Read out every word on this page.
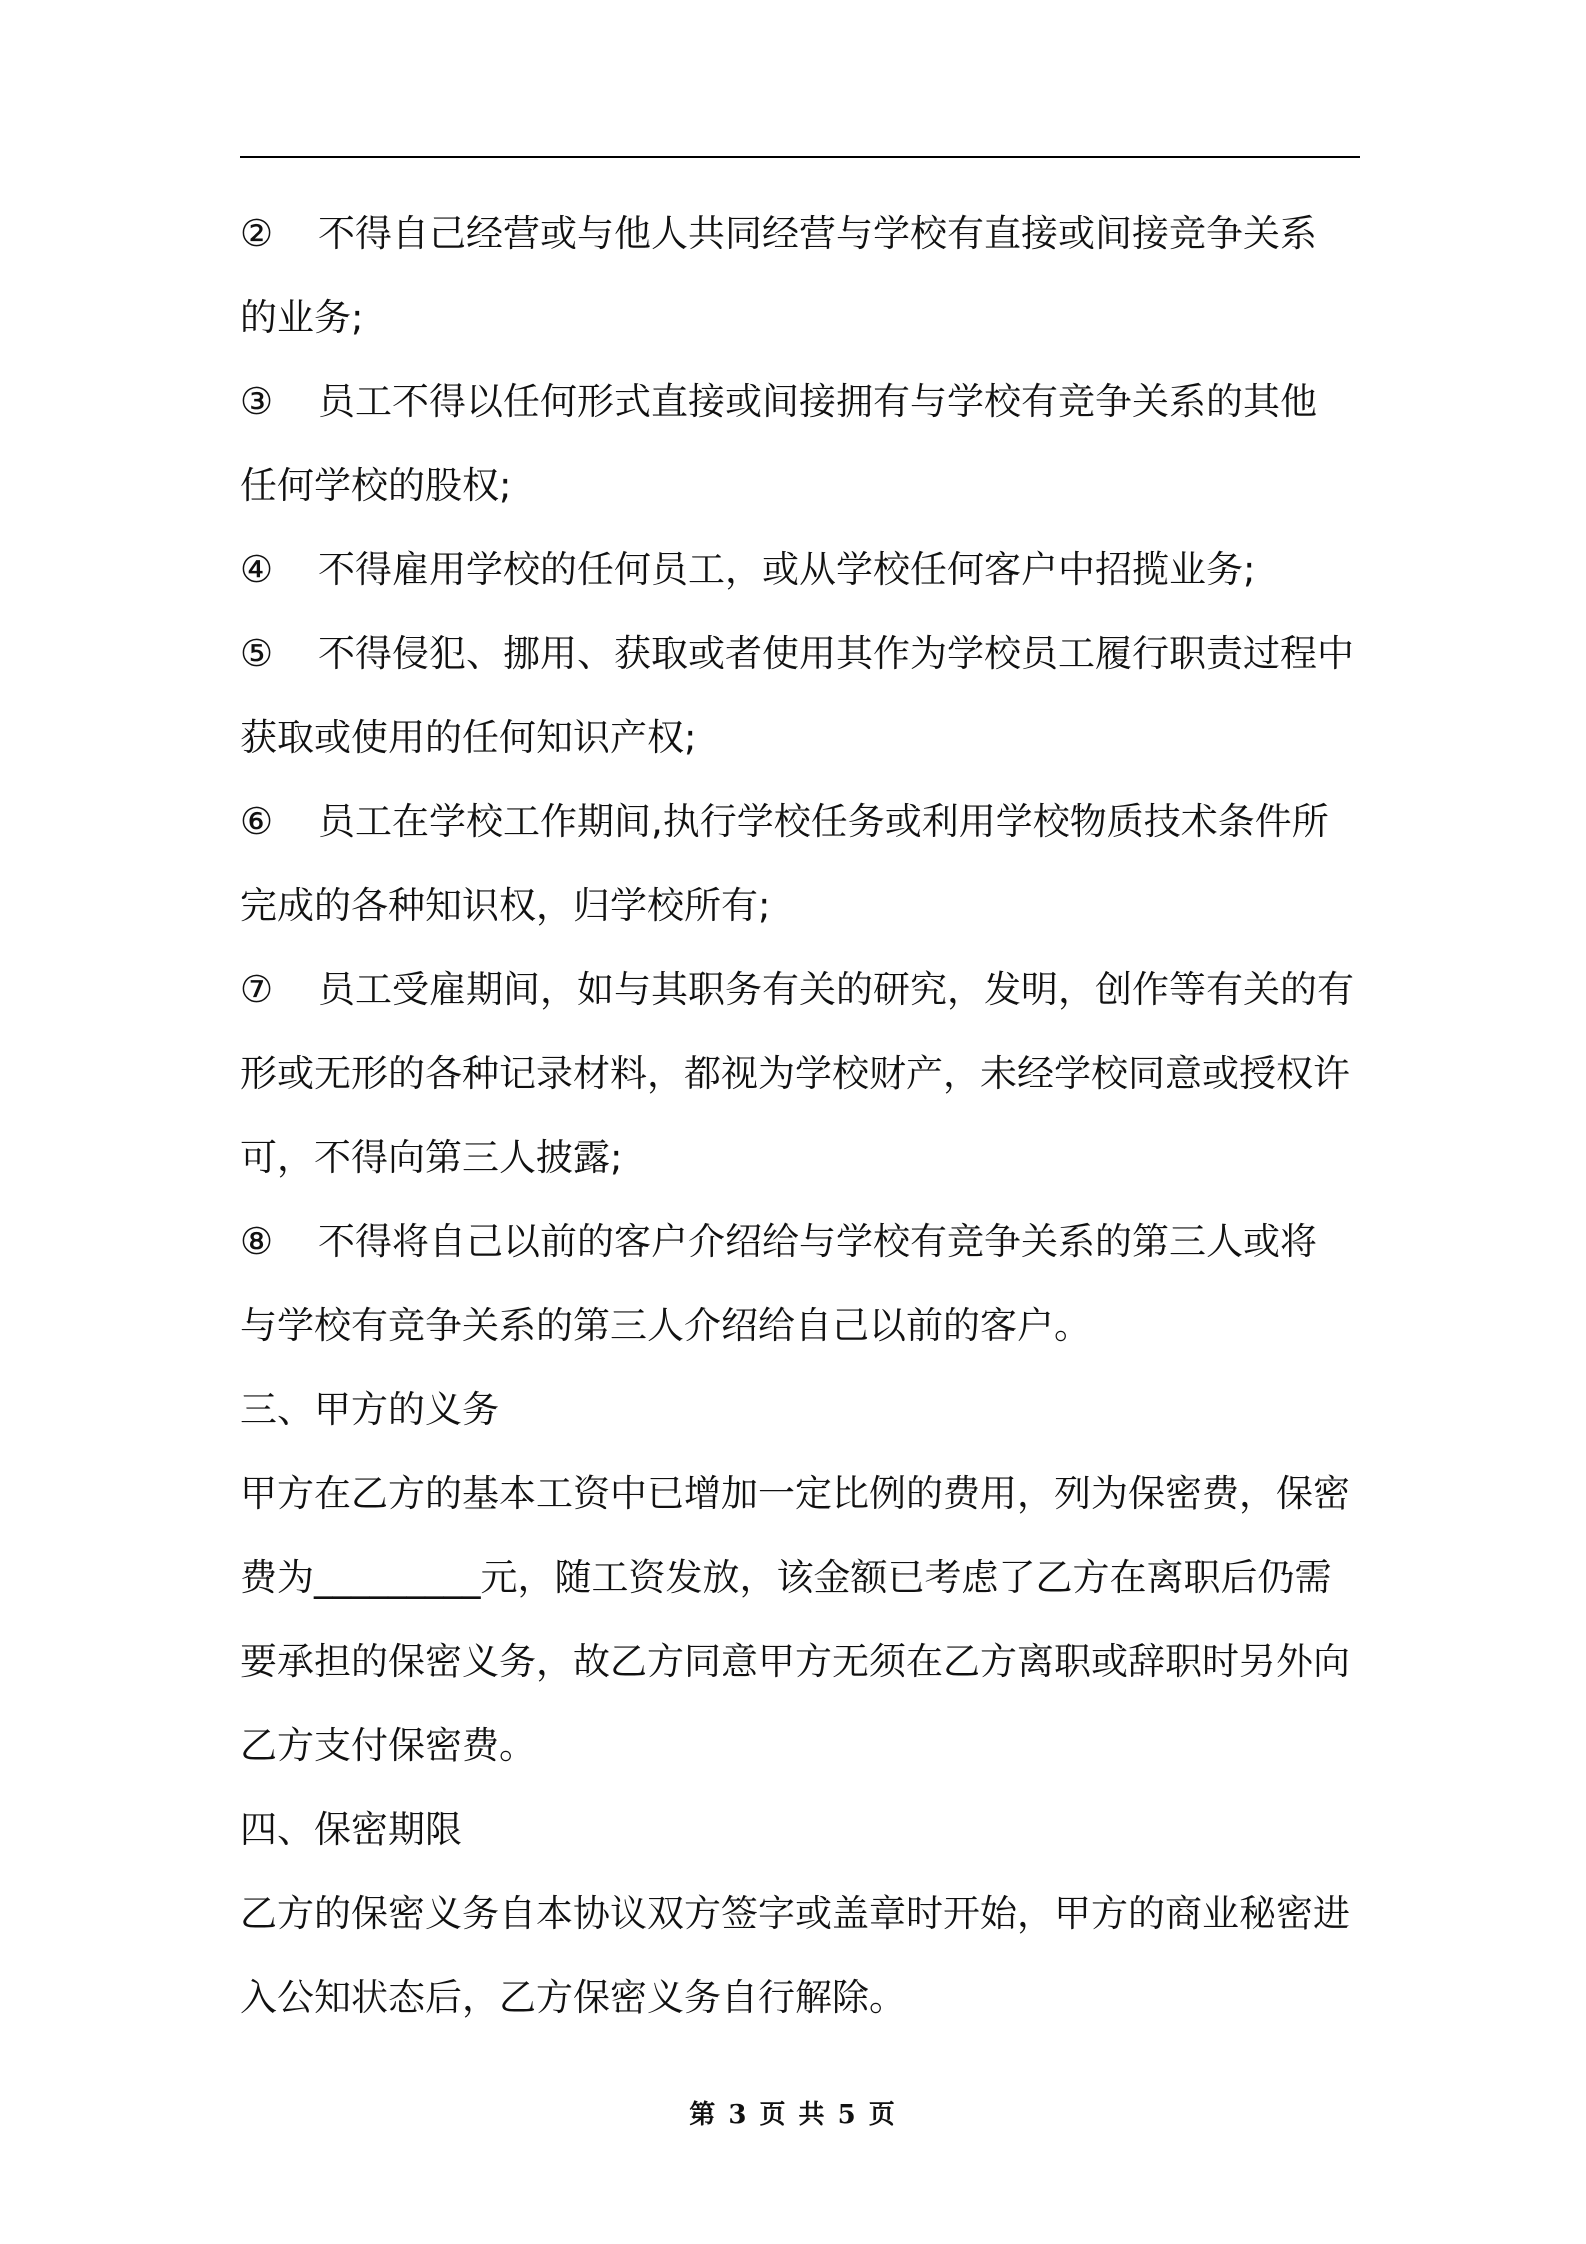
② 不得自己经营或与他人共同经营与学校有直接或间接竞争关系
的业务;
③ 员工不得以任何形式直接或间接拥有与学校有竞争关系的其他
任何学校的股权;
④ 不得雇用学校的任何员工，或从学校任何客户中招揽业务;
⑤ 不得侵犯、挪用、获取或者使用其作为学校员工履行职责过程中
获取或使用的任何知识产权;
⑥ 员工在学校工作期间,执行学校任务或利用学校物质技术条件所
完成的各种知识权，归学校所有;
⑦ 员工受雇期间，如与其职务有关的研究，发明，创作等有关的有
形或无形的各种记录材料，都视为学校财产，未经学校同意或授权许
可，不得向第三人披露;
⑧ 不得将自己以前的客户介绍给与学校有竞争关系的第三人或将
与学校有竞争关系的第三人介绍给自己以前的客户。
三、甲方的义务
甲方在乙方的基本工资中已增加一定比例的费用，列为保密费，保密
费为_________元，随工资发放，该金额已考虑了乙方在离职后仍需
要承担的保密义务，故乙方同意甲方无须在乙方离职或辞职时另外向
乙方支付保密费。
四、保密期限
乙方的保密义务自本协议双方签字或盖章时开始，甲方的商业秘密进
入公知状态后，乙方保密义务自行解除。
第 3 页 共 5 页
